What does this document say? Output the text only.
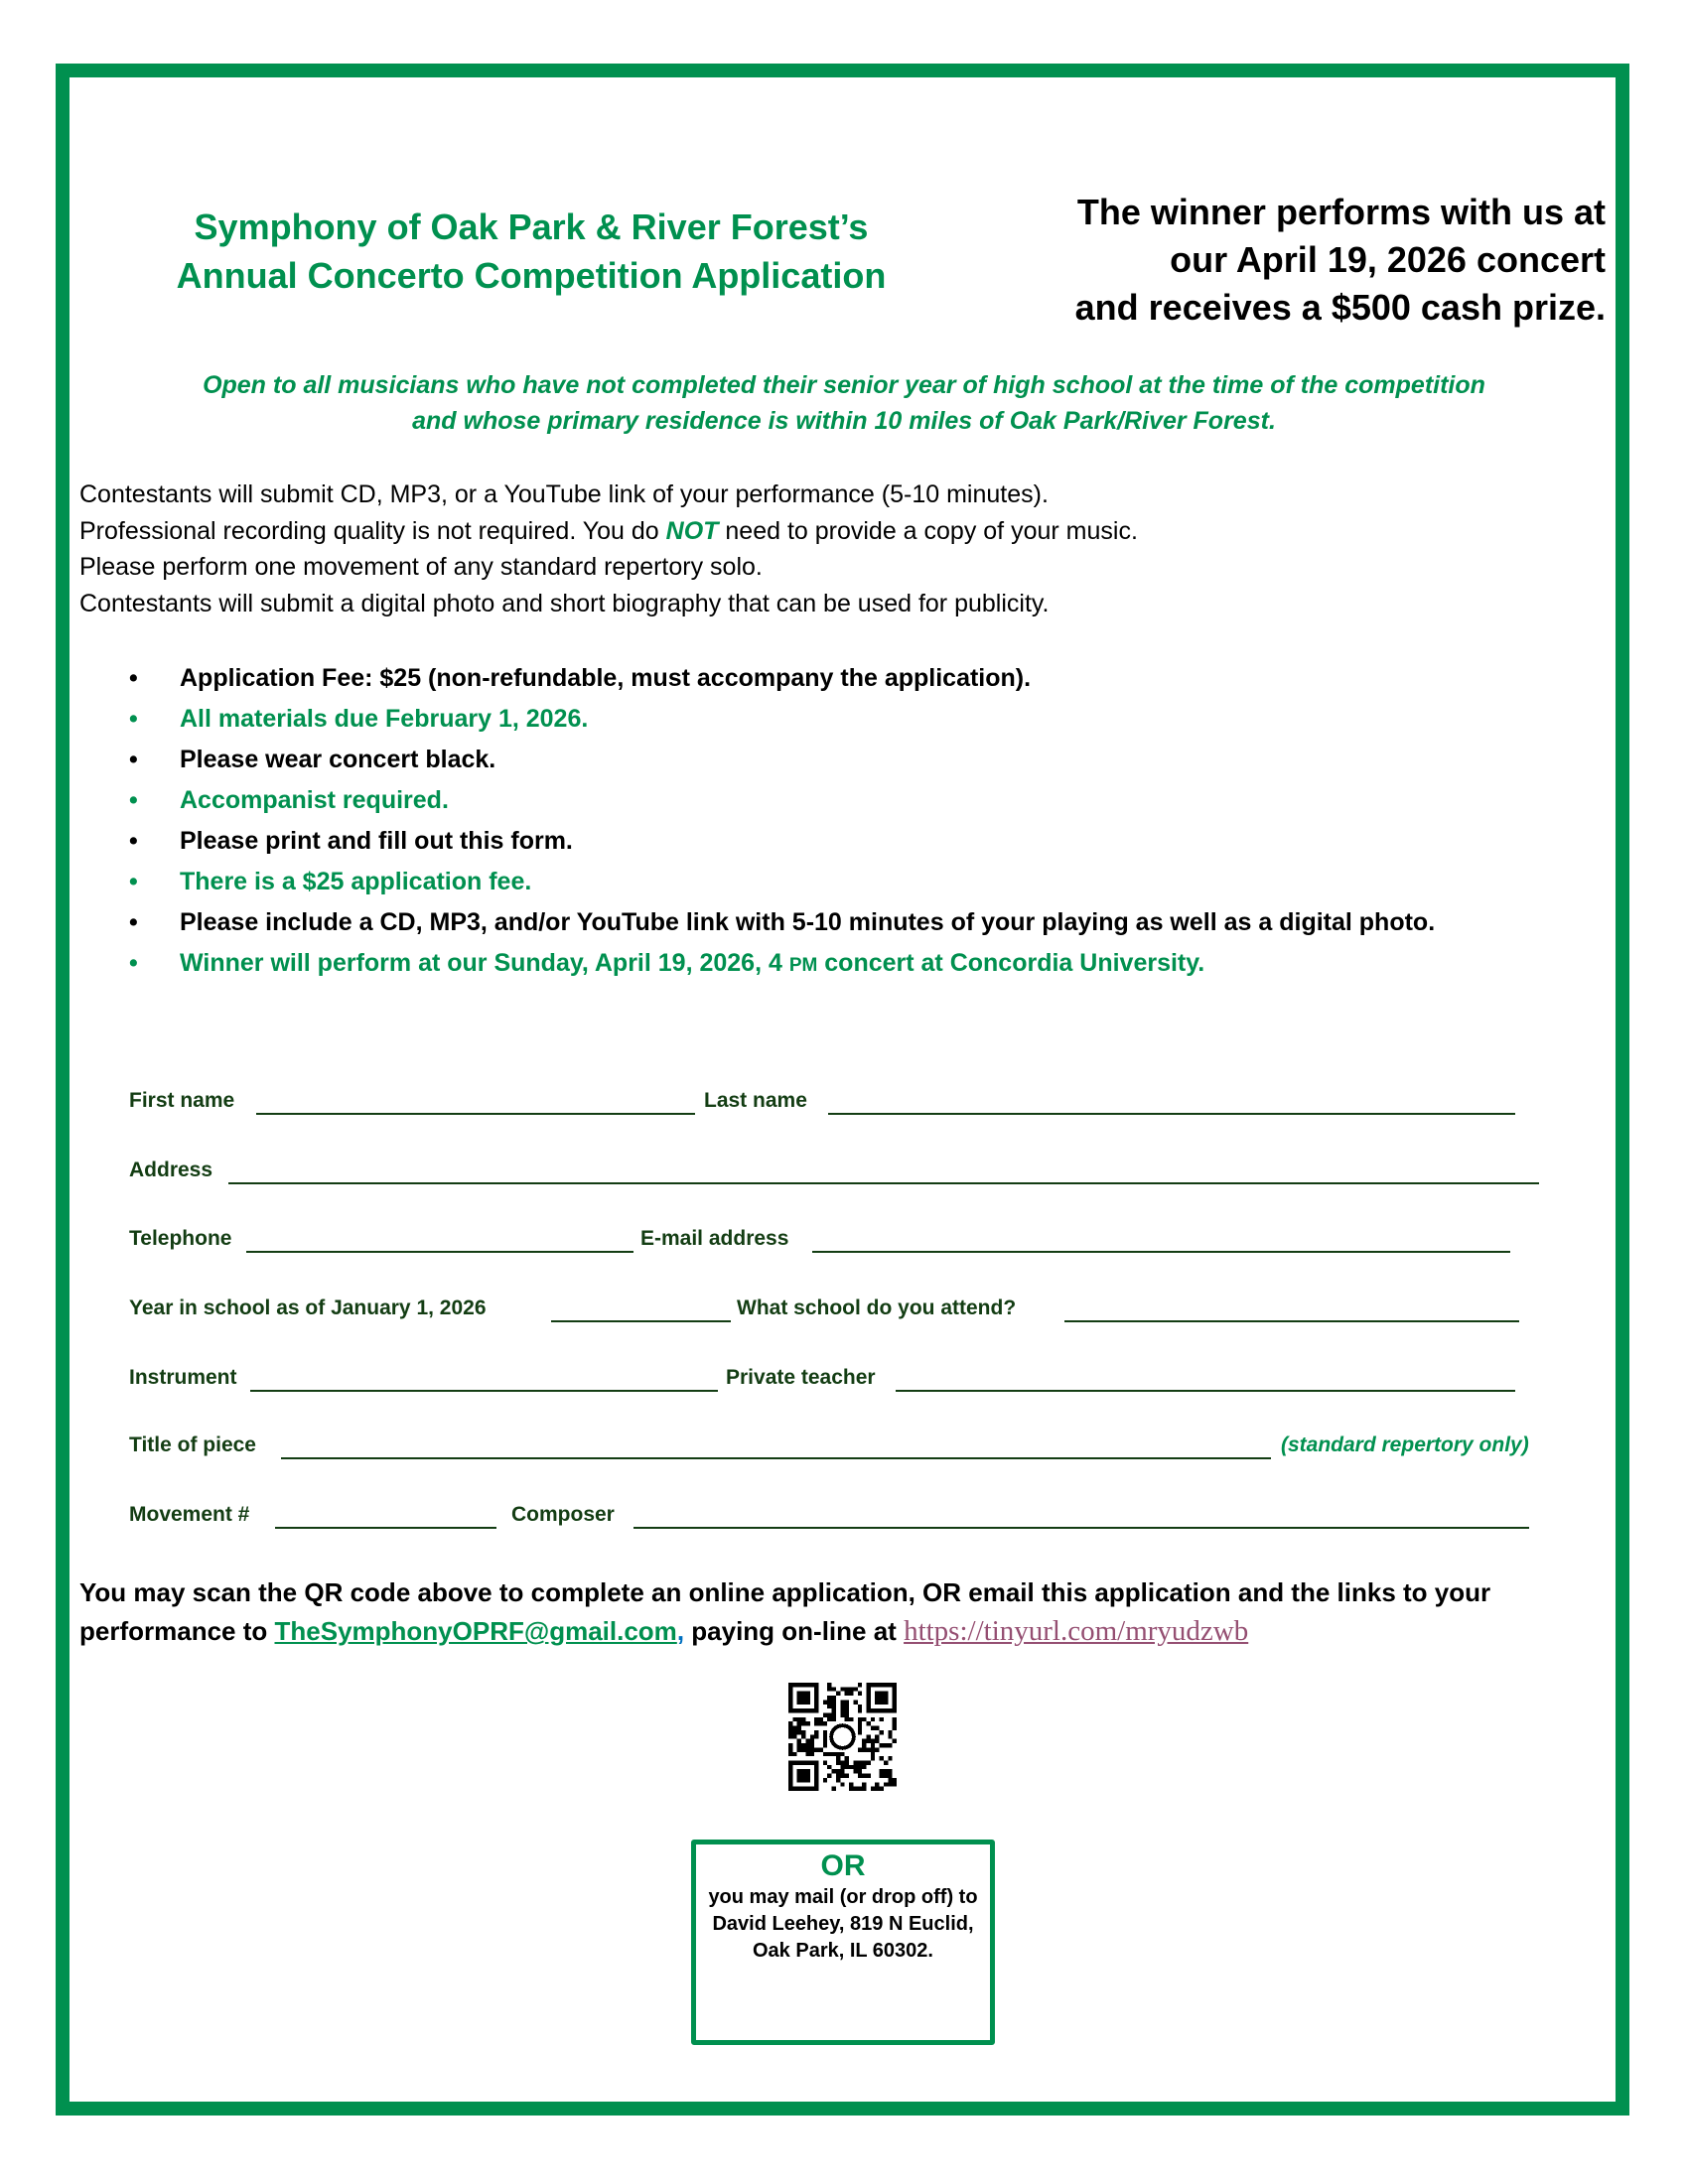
Symphony of Oak Park & River Forest’s
Annual Concerto Competition Application
The winner performs with us at
our April 19, 2026 concert
and receives a $500 cash prize.
Open to all musicians who have not completed their senior year of high school at the time of the competition
and whose primary residence is within 10 miles of Oak Park/River Forest.
Contestants will submit CD, MP3, or a YouTube link of your performance (5-10 minutes).
Professional recording quality is not required. You do NOT need to provide a copy of your music.
Please perform one movement of any standard repertory solo.
Contestants will submit a digital photo and short biography that can be used for publicity.
• Application Fee: $25 (non-refundable, must accompany the application).
• All materials due February 1, 2026.
• Please wear concert black.
• Accompanist required.
• Please print and fill out this form.
• There is a $25 application fee.
• Please include a CD, MP3, and/or YouTube link with 5-10 minutes of your playing as well as a digital photo.
• Winner will perform at our Sunday, April 19, 2026, 4 PM concert at Concordia University.
First name	Last name
Address
Telephone	E-mail address
Year in school as of January 1, 2026	What school do you attend?
Instrument	Private teacher
Title of piece	(standard repertory only)
Movement #	Composer
You may scan the QR code above to complete an online application, OR email this application and the links to your performance to TheSymphonyOPRF@gmail.com, paying on-line at https://tinyurl.com/mryudzwb
OR
you may mail (or drop off) to
David Leehey, 819 N Euclid, Oak Park, IL 60302.
